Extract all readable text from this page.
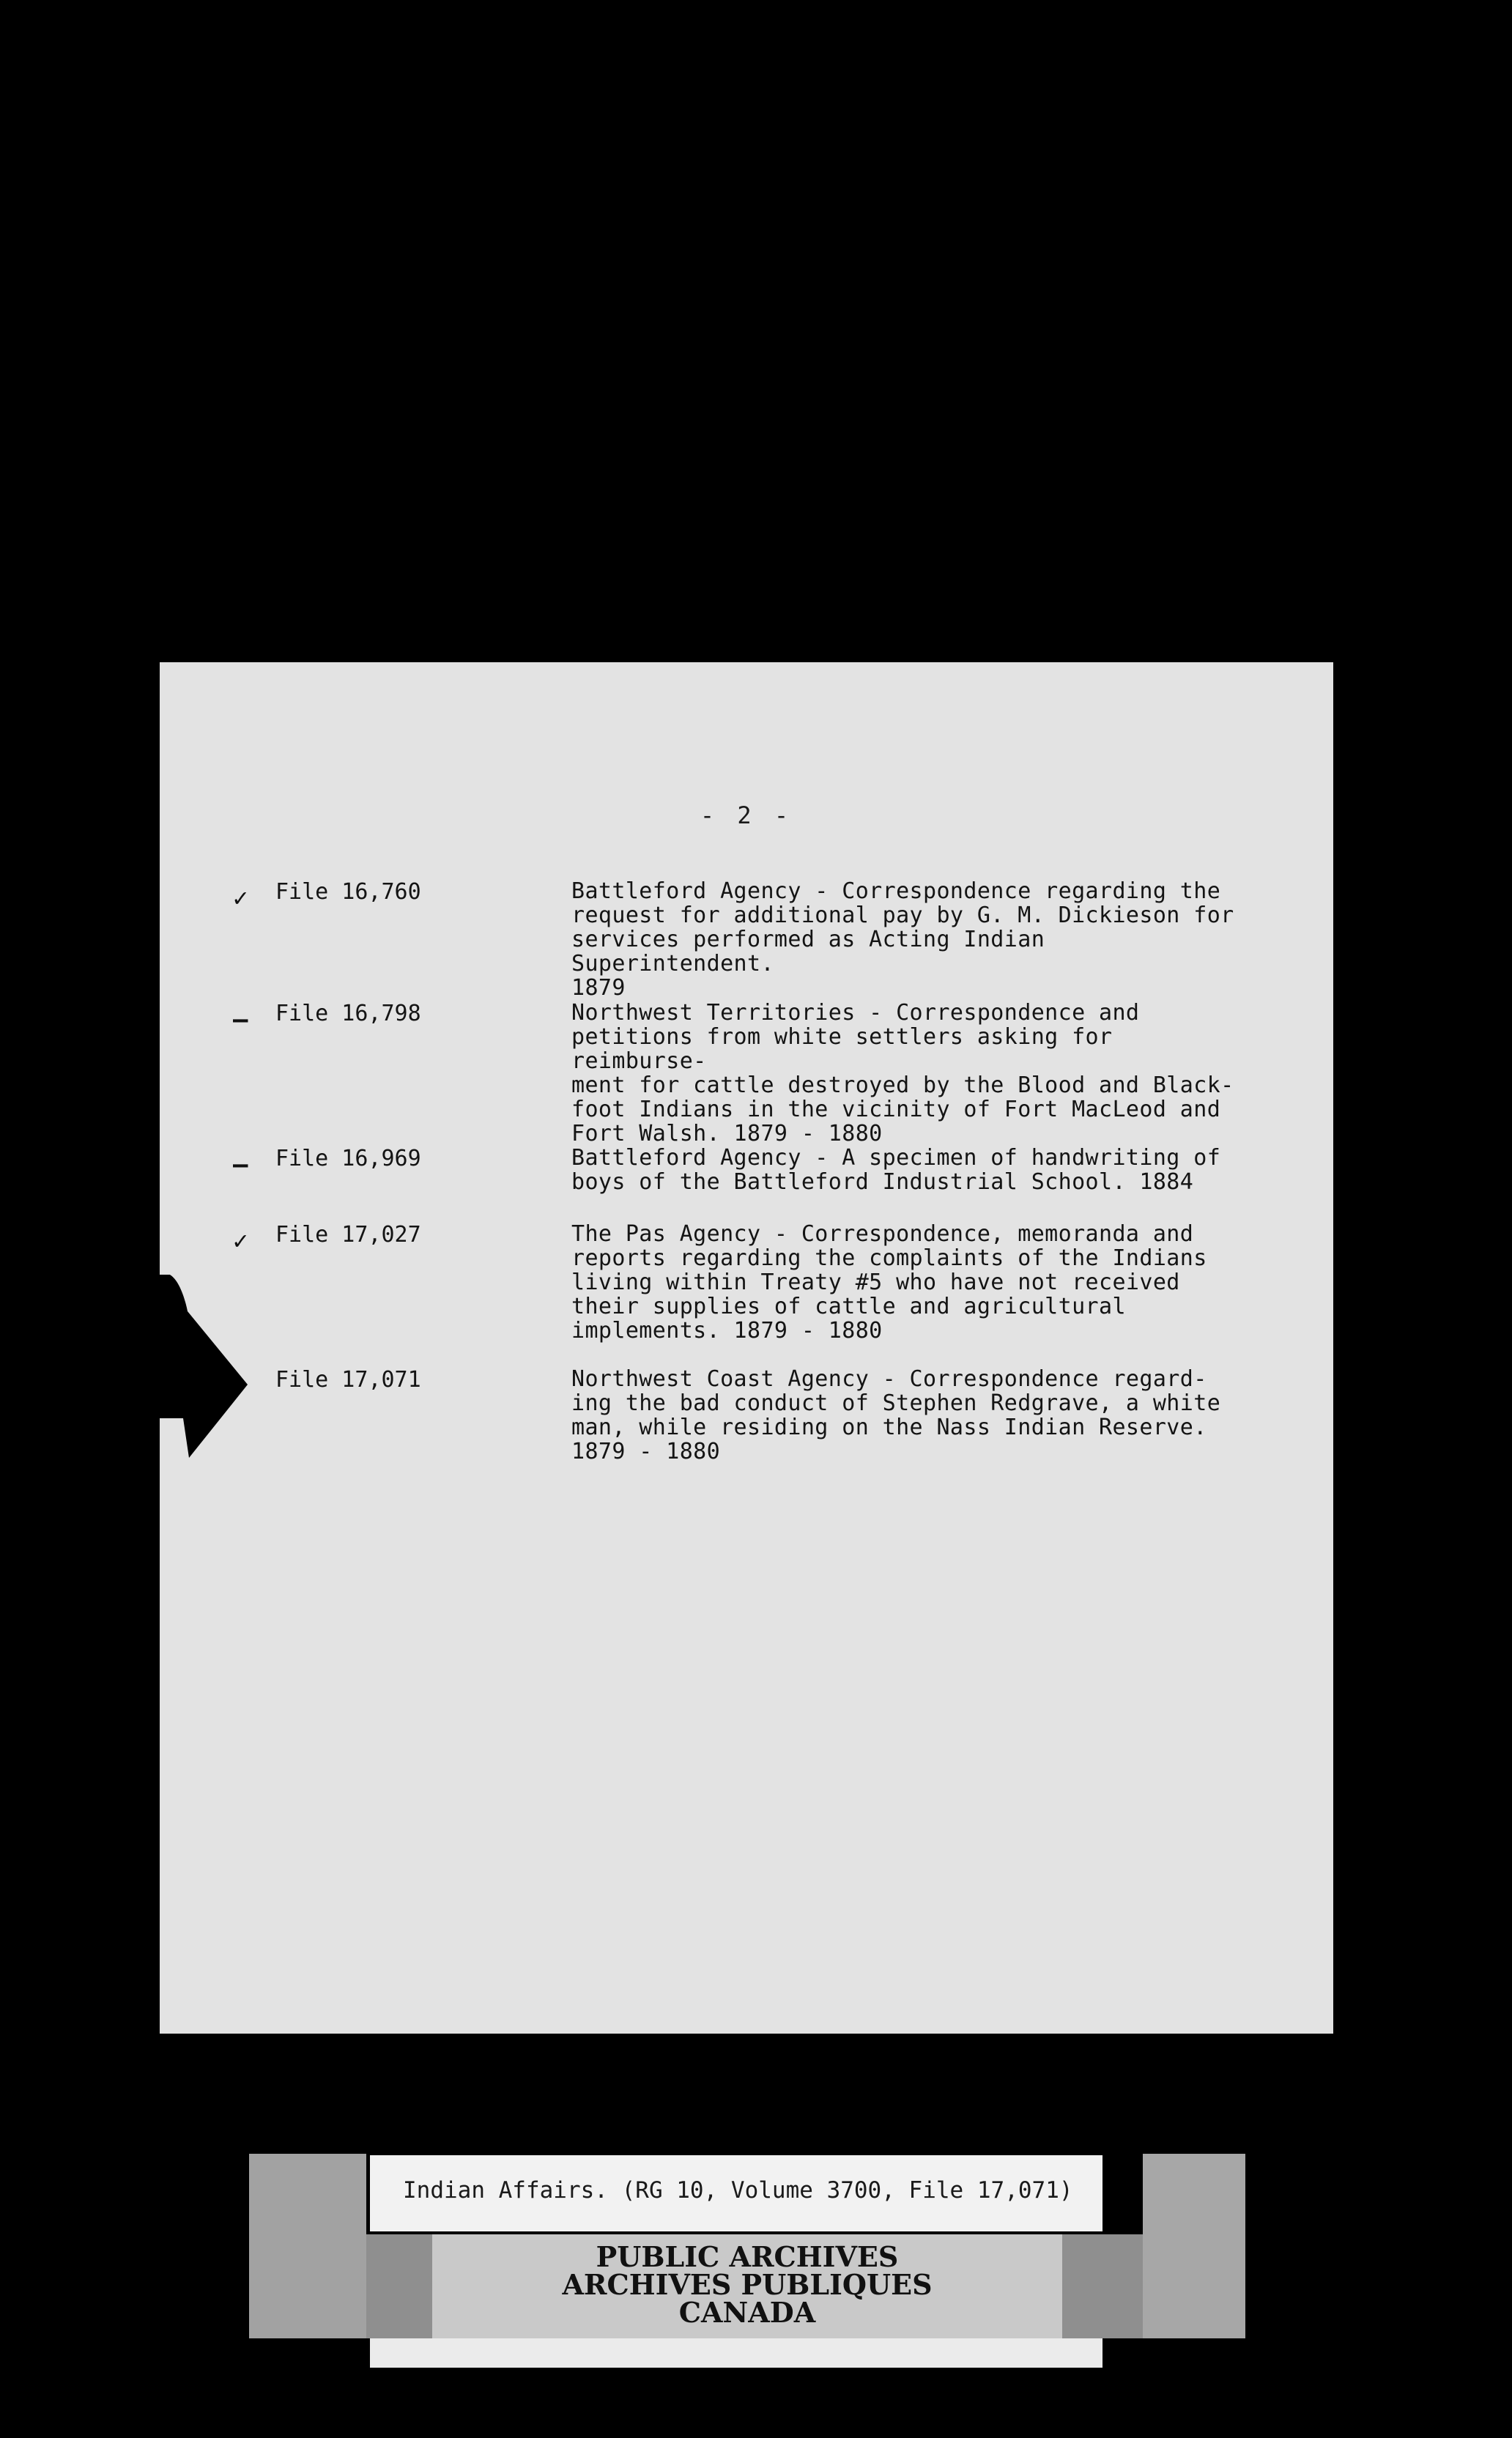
- 2 -
✓ File 16,760	Battleford Agency - Correspondence regarding the
request for additional pay by G. M. Dickieson for
services performed as Acting Indian Superintendent.
1879
– File 16,798	Northwest Territories - Correspondence and
petitions from white settlers asking for reimburse-
ment for cattle destroyed by the Blood and Black-
foot Indians in the vicinity of Fort MacLeod and
Fort Walsh. 1879 - 1880
– File 16,969	Battleford Agency - A specimen of handwriting of
boys of the Battleford Industrial School. 1884
✓ File 17,027	The Pas Agency - Correspondence, memoranda and
reports regarding the complaints of the Indians
living within Treaty #5 who have not received
their supplies of cattle and agricultural
implements. 1879 - 1880
File 17,071	Northwest Coast Agency - Correspondence regard-
ing the bad conduct of Stephen Redgrave, a white
man, while residing on the Nass Indian Reserve.
1879 - 1880
PUBLIC ARCHIVES
ARCHIVES PUBLIQUES
CANADA
Indian Affairs. (RG 10, Volume 3700, File 17,071)
